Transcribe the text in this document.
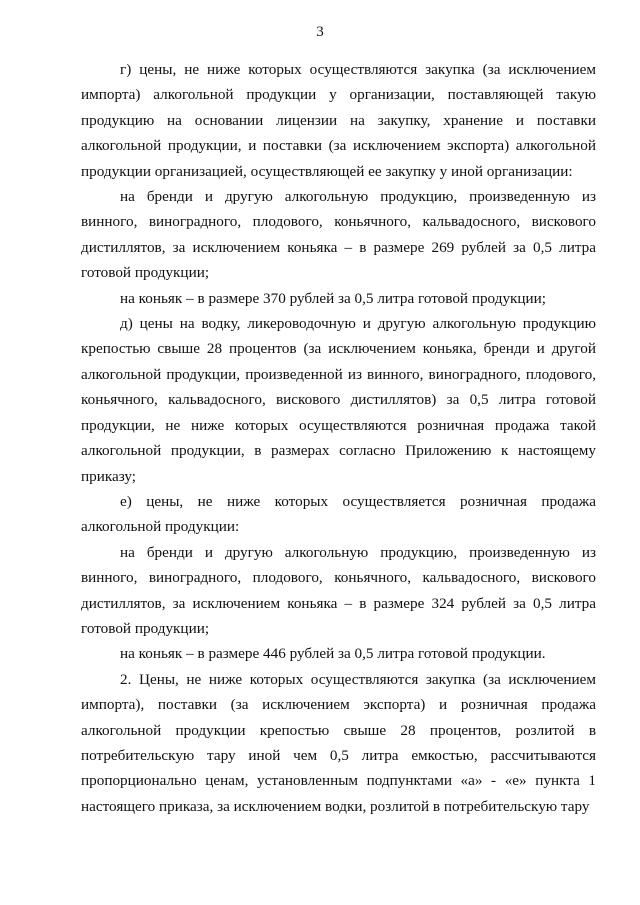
3

г) цены, не ниже которых осуществляются закупка (за исключением импорта) алкогольной продукции у организации, поставляющей такую продукцию на основании лицензии на закупку, хранение и поставки алкогольной продукции, и поставки (за исключением экспорта) алкогольной продукции организацией, осуществляющей ее закупку у иной организации:

на бренди и другую алкогольную продукцию, произведенную из винного, виноградного, плодового, коньячного, кальвадосного, вискового дистиллятов, за исключением коньяка – в размере 269 рублей за 0,5 литра готовой продукции;

на коньяк – в размере 370 рублей за 0,5 литра готовой продукции;

д) цены на водку, ликероводочную и другую алкогольную продукцию крепостью свыше 28 процентов (за исключением коньяка, бренди и другой алкогольной продукции, произведенной из винного, виноградного, плодового, коньячного, кальвадосного, вискового дистиллятов) за 0,5 литра готовой продукции, не ниже которых осуществляются розничная продажа такой алкогольной продукции, в размерах согласно Приложению к настоящему приказу;

е) цены, не ниже которых осуществляется розничная продажа алкогольной продукции:

на бренди и другую алкогольную продукцию, произведенную из винного, виноградного, плодового, коньячного, кальвадосного, вискового дистиллятов, за исключением коньяка – в размере 324 рублей за 0,5 литра готовой продукции;

на коньяк – в размере 446 рублей за 0,5 литра готовой продукции.

2. Цены, не ниже которых осуществляются закупка (за исключением импорта), поставки (за исключением экспорта) и розничная продажа алкогольной продукции крепостью свыше 28 процентов, розлитой в потребительскую тару иной чем 0,5 литра емкостью, рассчитываются пропорционально ценам, установленным подпунктами «а» - «е» пункта 1 настоящего приказа, за исключением водки, розлитой в потребительскую тару
